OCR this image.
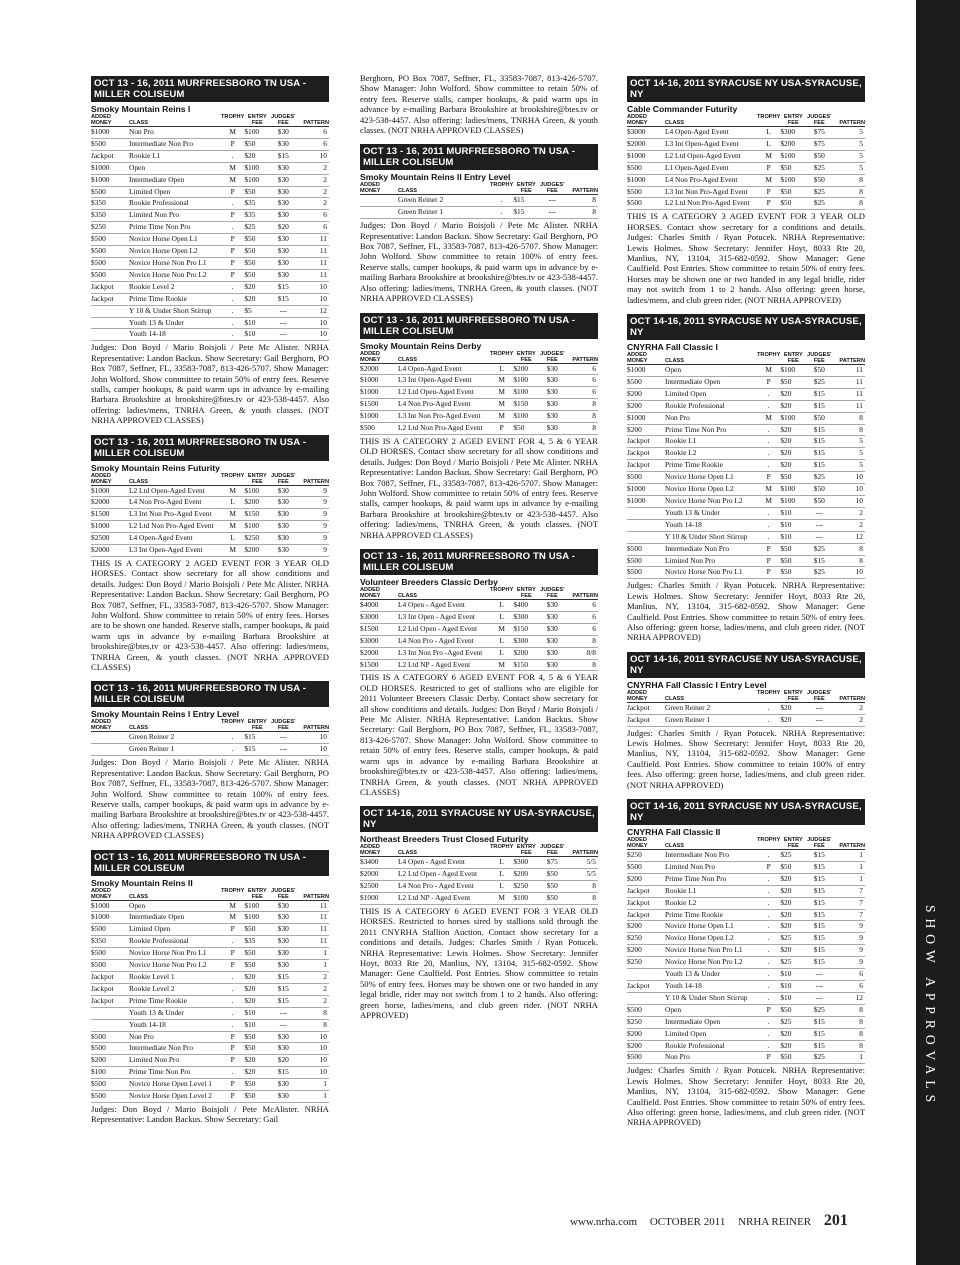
OCT 13 - 16, 2011 MURFREESBORO TN USA - MILLER COLISEUM
Smoky Mountain Reins I
ADDED		TROPHY	ENTRY	JUDGES'	
MONEY	CLASS		FEE	FEE	PATTERN
$1000	Non Pro	M	$100	$30	6
$500	Intermediate Non Pro	P	$50	$30	6
Jackpot	Rookie L1	.	$20	$15	10
$1000	Open	M	$100	$30	2
$1000	Intermediate Open	M	$100	$30	2
$500	Limited Open	P	$50	$30	2
$350	Rookie Professional	.	$35	$30	2
$350	Limited Non Pro	P	$35	$30	6
$250	Prime Time Non Pro	.	$25	$20	6
$500	Novice Horse Open L1	P	$50	$30	11
$500	Novice Horse Open L2	P	$50	$30	11
$500	Novice Horse Non Pro L1	P	$50	$30	11
$500	Novice Horse Non Pro L2	P	$50	$30	11
Jackpot	Rookie Level 2	.	$20	$15	10
Jackpot	Prime Time Rookie	.	$20	$15	10
	Y 10 & Under Short Stirrup	.	$5	---	12
	Youth 13 & Under	.	$10	---	10
	Youth 14-18	.	$10	---	10
Judges: Don Boyd / Mario Boisjoli / Pete Mc Alister. NRHA Representative: Landon Backus. Show Secretary: Gail Berghorn, PO Box 7087, Seffner, FL, 33583-7087, 813-426-5707. Show Manager: John Wolford. Show committee to retain 50% of entry fees. Reserve stalls, camper hookups, & paid warm ups in advance by e-mailing Barbara Brookshire at brookshire@btes.tv or 423-538-4457. Also offering: ladies/mens, TNRHA Green, & youth classes. (NOT NRHA APPROVED CLASSES)
OCT 13 - 16, 2011 MURFREESBORO TN USA - MILLER COLISEUM
Smoky Mountain Reins Futurity
ADDED		TROPHY	ENTRY	JUDGES'	
MONEY	CLASS		FEE	FEE	PATTERN
$1000	L2 Ltd Open-Aged Event	M	$100	$30	9
$2000	L4 Non Pro-Aged Event	L	$200	$30	9
$1500	L3 Int Non Pro-Aged Event	M	$150	$30	9
$1000	L2 Ltd Non Pro-Aged Event	M	$100	$30	9
$2500	L4 Open-Aged Event	L	$250	$30	9
$2000	L3 Int Open-Aged Event	M	$200	$30	9
THIS IS A CATEGORY 2 AGED EVENT FOR 3 YEAR OLD HORSES. Contact show secretary for all show conditions and details. Judges: Don Boyd / Mario Boisjoli / Pete Mc Alister. NRHA Representative: Landon Backus. Show Secretary: Gail Berghorn, PO Box 7087, Seffner, FL, 33583-7087, 813-426-5707. Show Manager: John Wolford. Show committee to retain 50% of entry fees. Horses are to be shown one handed. Reserve stalls, camper hookups, & paid warm ups in advance by e-mailing Barbara Brookshire at brookshire@btes.tv or 423-538-4457. Also offering: ladies/mens, TNRHA Green, & youth classes. (NOT NRHA APPROVED CLASSES)
OCT 13 - 16, 2011 MURFREESBORO TN USA - MILLER COLISEUM
Smoky Mountain Reins I Entry Level
ADDED		TROPHY	ENTRY	JUDGES'	
MONEY	CLASS		FEE	FEE	PATTERN
	Green Reiner 2	.	$15	---	10
	Green Reiner 1	.	$15	---	10
Judges: Don Boyd / Mario Boisjoli / Pete Mc Alister. NRHA Representative: Landon Backus. Show Secretary: Gail Berghorn, PO Box 7087, Seffner, FL, 33583-7087, 813-426-5707. Show Manager: John Wolford. Show committee to retain 100% of entry fees. Reserve stalls, camper hookups, & paid warm ups in advance by e-mailing Barbara Brookshire at brookshire@btes.tv or 423-538-4457. Also offering: ladies/mens, TNRHA Green, & youth classes. (NOT NRHA APPROVED CLASSES)
OCT 13 - 16, 2011 MURFREESBORO TN USA - MILLER COLISEUM
Smoky Mountain Reins II
ADDED		TROPHY	ENTRY	JUDGES'	
MONEY	CLASS		FEE	FEE	PATTERN
$1000	Open	M	$100	$30	11
$1000	Intermediate Open	M	$100	$30	11
$500	Limited Open	P	$50	$30	11
$350	Rookie Professional	.	$35	$30	11
$500	Novice Horse Non Pro L1	P	$50	$30	1
$500	Novice Horse Non Pro L2	P	$50	$30	1
Jackpot	Rookie Level 1	.	$20	$15	2
Jackpot	Rookie Level 2	.	$20	$15	2
Jackpot	Prime Time Rookie	.	$20	$15	2
	Youth 13 & Under	.	$10	---	8
	Youth 14-18	.	$10	---	8
$500	Non Pro	P	$50	$30	10
$500	Intermediate Non Pro	P	$50	$30	10
$200	Limited Non Pro	P	$20	$20	10
$100	Prime Time Non Pro	.	$20	$15	10
$500	Novice Horse Open Level 1	P	$50	$30	1
$500	Novice Horse Open Level 2	P	$50	$30	1
Judges: Don Boyd / Mario Boisjoli / Pete McAlister. NRHA Representative: Landon Backus. Show Secretary: Gail
Berghorn, PO Box 7087, Seffner, FL, 33583-7087, 813-426-5707. Show Manager: John Wolford. Show committee to retain 50% of entry fees. Reserve stalls, camper hookups, & paid warm ups in advance by e-mailing Barbara Brookshire at brookshire@btes.tv or 423-538-4457. Also offering: ladies/mens, TNRHA Green, & youth classes. (NOT NRHA APPROVED CLASSES)
OCT 13 - 16, 2011 MURFREESBORO TN USA - MILLER COLISEUM
Smoky Mountain Reins II Entry Level
ADDED		TROPHY	ENTRY	JUDGES'	
MONEY	CLASS		FEE	FEE	PATTERN
	Green Reiner 2	.	$15	---	8
	Green Reiner 1	.	$15	---	8
Judges: Don Boyd / Mario Boisjoli / Pete Mc Alister. NRHA Representative: Landon Backus. Show Secretary: Gail Berghorn, PO Box 7087, Seffner, FL, 33583-7087, 813-426-5707. Show Manager: John Wolford. Show committee to retain 100% of entry fees. Reserve stalls, camper hookups, & paid warm ups in advance by e-mailing Barbara Brookshire at brookshire@btes.tv or 423-538-4457. Also offering: ladies/mens, TNRHA Green, & youth classes. (NOT NRHA APPROVED CLASSES)
OCT 13 - 16, 2011 MURFREESBORO TN USA - MILLER COLISEUM
Smoky Mountain Reins Derby
ADDED		TROPHY	ENTRY	JUDGES'	
MONEY	CLASS		FEE	FEE	PATTERN
$2000	L4 Open-Aged Event	L	$200	$30	6
$1000	L3 Int Open-Aged Event	M	$100	$30	6
$1000	L2 Ltd Open-Aged Event	M	$100	$30	6
$1500	L4 Non Pro-Aged Event	M	$150	$30	8
$1000	L3 Int Non Pro-Aged Event	M	$100	$30	8
$500	L2 Ltd Non Pro-Aged Event	P	$50	$30	8
THIS IS A CATEGORY 2 AGED EVENT FOR 4, 5 & 6 YEAR OLD HORSES. Contact show secretary for all show conditions and details. Judges: Don Boyd / Mario Boisjoli / Pete Mc Alister. NRHA Representative: Landon Backus. Show Secretary: Gail Berghorn, PO Box 7087, Seffner, FL, 33583-7087, 813-426-5707. Show Manager: John Wolford. Show committee to retain 50% of entry fees. Reserve stalls, camper hookups, & paid warm ups in advance by e-mailing Barbara Brookshire at brookshire@btes.tv or 423-538-4457. Also offering: ladies/mens, TNRHA Green, & youth classes. (NOT NRHA APPROVED CLASSES)
OCT 13 - 16, 2011 MURFREESBORO TN USA - MILLER COLISEUM
Volunteer Breeders Classic Derby
ADDED		TROPHY	ENTRY	JUDGES'	
MONEY	CLASS		FEE	FEE	PATTERN
$4000	L4 Open - Aged Event	L	$400	$30	6
$3000	L3 Int Open - Aged Event	L	$300	$30	6
$1500	L2 Ltd Open - Aged Event	M	$150	$30	6
$3000	L4 Non Pro - Aged Event	L	$300	$30	8
$2000	L3 Int Non Pro -Aged Event	L	$200	$30	8/8
$1500	L2 Ltd NP - Aged Event	M	$150	$30	8
THIS IS A CATEGORY 6 AGED EVENT FOR 4, 5 & 6 YEAR OLD HORSES. Restricted to get of stallions who are eligible for 2011 Volunteer Breesers Classic Derby. Contact show secretary for all show conditions and details. Judges: Don Boyd / Mario Boisjoli / Pete Mc Alister. NRHA Representative: Landon Backus. Show Secretary: Gail Berghorn, PO Box 7087, Seffner, FL, 33583-7087, 813-426-5707. Show Manager: John Wolford. Show committee to retain 50% of entry fees. Reserve stalls, camper hookups, & paid warm ups in advance by e-mailing Barbara Brookshire at brookshire@btes.tv or 423-538-4457. Also offering: ladies/mens, TNRHA Green, & youth classes. (NOT NRHA APPROVED CLASSES)
OCT 14-16, 2011 SYRACUSE NY USA-SYRACUSE, NY
Northeast Breeders Trust Closed Futurity
ADDED		TROPHY	ENTRY	JUDGES'	
MONEY	CLASS		FEE	FEE	PATTERN
$3400	L4 Open - Aged Event	L	$300	$75	5/5
$2000	L2 Ltd Open - Aged Event	L	$200	$50	5/5
$2500	L4 Non Pro - Aged Event	L	$250	$50	8
$1000	L2 Ltd NP - Aged Event	M	$100	$50	8
THIS IS A CATEGORY 6 AGED EVENT FOR 3 YEAR OLD HORSES. Restricted to horses sired by stallions sold through the 2011 CNYRHA Stallion Auction. Contact show secretary for a conditions and details. Judges: Charles Smith / Ryan Potucek. NRHA Representative: Lewis Holmes. Show Secretary: Jennifer Hoyt, 8033 Rte 20, Manlius, NY, 13104, 315-682-0592. Show Manager: Gene Caulfield. Post Entries. Show committee to retain 50% of entry fees. Horses may be shown one or two handed in any legal bridle, rider may not switch from 1 to 2 hands. Also offering: green horse, ladies/mens, and club green rider. (NOT NRHA APPROVED)
OCT 14-16, 2011 SYRACUSE NY USA-SYRACUSE, NY
Cable Commander Futurity
ADDED		TROPHY	ENTRY	JUDGES'	
MONEY	CLASS		FEE	FEE	PATTERN
$3000	L4 Open-Aged Event	L	$300	$75	5
$2000	L3 Int Open-Aged Event	L	$200	$75	5
$1000	L2 Ltd Open-Aged Event	M	$100	$50	5
$500	L1 Open-Aged Event	P	$50	$25	5
$1000	L4 Non Pro-Aged Event	M	$100	$50	8
$500	L3 Int Non Pro-Aged Event	P	$50	$25	8
$500	L2 Ltd Non Pro-Aged Event	P	$50	$25	8
THIS IS A CATEGORY 3 AGED EVENT FOR 3 YEAR OLD HORSES. Contact show secretary for a conditions and details. Judges: Charles Smith / Ryan Potucek. NRHA Representative: Lewis Holmes. Show Secretary: Jennifer Hoyt, 8033 Rte 20, Manlius, NY, 13104, 315-682-0592. Show Manager: Gene Caulfield. Post Entries. Show committee to retain 50% of entry fees. Horses may be shown one or two handed in any legal bridle, rider may not switch from 1 to 2 hands. Also offering: green horse, ladies/mens, and club green rider. (NOT NRHA APPROVED)
OCT 14-16, 2011 SYRACUSE NY USA-SYRACUSE, NY
CNYRHA Fall Classic I
ADDED		TROPHY	ENTRY	JUDGES'	
MONEY	CLASS		FEE	FEE	PATTERN
$1000	Open	M	$100	$50	11
$500	Intermediate Open	P	$50	$25	11
$200	Limited Open	.	$20	$15	11
$200	Rookie Professional	.	$20	$15	11
$1000	Non Pro	M	$100	$50	8
$200	Prime Time Non Pro	.	$20	$15	8
Jackpot	Rookie L1	.	$20	$15	5
Jackpot	Rookie L2	.	$20	$15	5
Jackpot	Prime Time Rookie	.	$20	$15	5
$500	Novice Horse Open L1	P	$50	$25	10
$1000	Novice Horse Open L2	M	$100	$50	10
$1000	Novice Horse Non Pro L2	M	$100	$50	10
	Youth 13 & Under	.	$10	---	2
	Youth 14-18	.	$10	---	2
	Y 10 & Under Short Stirrup	.	$10	---	12
$500	Intermediate Non Pro	P	$50	$25	8
$500	Limited Non Pro	P	$50	$15	8
$500	Novice Horse Non Pro L1	P	$50	$25	10
Judges: Charles Smith / Ryan Potucek. NRHA Representative: Lewis Holmes. Show Secretary: Jennifer Hoyt, 8033 Rte 20, Manlius, NY, 13104, 315-682-0592. Show Manager: Gene Caulfield. Post Entries. Show committee to retain 50% of entry fees. Also offering: green horse, ladies/mens, and club green rider. (NOT NRHA APPROVED)
OCT 14-16, 2011 SYRACUSE NY USA-SYRACUSE, NY
CNYRHA Fall Classic I Entry Level
ADDED		TROPHY	ENTRY	JUDGES'	
MONEY	CLASS		FEE	FEE	PATTERN
Jackpot	Green Reiner 2	.	$20	---	2
Jackpot	Green Reiner 1	.	$20	---	2
Judges: Charles Smith / Ryan Potucek. NRHA Representative: Lewis Holmes. Show Secretary: Jennifer Hoyt, 8033 Rte 20, Manlius, NY, 13104, 315-682-0592. Show Manager: Gene Caulfield. Post Entries. Show committee to retain 100% of entry fees. Also offering: green horse, ladies/mens, and club green rider. (NOT NRHA APPROVED)
OCT 14-16, 2011 SYRACUSE NY USA-SYRACUSE, NY
CNYRHA Fall Classic II
ADDED		TROPHY	ENTRY	JUDGES'	
MONEY	CLASS		FEE	FEE	PATTERN
$250	Intermediate Non Pro	.	$25	$15	1
$500	Limited Non Pro	P	$50	$15	1
$200	Prime Time Non Pro	.	$20	$15	1
Jackpot	Rookie L1	.	$20	$15	7
Jackpot	Rookie L2	.	$20	$15	7
Jackpot	Prime Time Rookie	.	$20	$15	7
$200	Novice Horse Open L1	.	$20	$15	9
$250	Novice Horse Open L2	.	$25	$15	9
$200	Novice Horse Non Pro L1	.	$20	$15	9
$250	Novice Horse Non Pro L2	.	$25	$15	9
	Youth 13 & Under	.	$10	---	6
Jackpot	Youth 14-18	.	$10	---	6
	Y 10 & Under Short Stirrup	.	$10	---	12
$500	Open	P	$50	$25	8
$250	Intermediate Open	.	$25	$15	8
$200	Limited Open	.	$20	$15	8
$200	Rookie Professional	.	$20	$15	8
$500	Non Pro	P	$50	$25	1
Judges: Charles Smith / Ryan Potucek. NRHA Representative: Lewis Holmes. Show Secretary: Jennifer Hoyt, 8033 Rte 20, Manlius, NY, 13104, 315-682-0592. Show Manager: Gene Caulfield. Post Entries. Show committee to retain 50% of entry fees. Also offering: green horse, ladies/mens, and club green rider. (NOT NRHA APPROVED)
SHOW APPROVALS
www.nrha.com OCTOBER 2011 NRHA REINER 201
